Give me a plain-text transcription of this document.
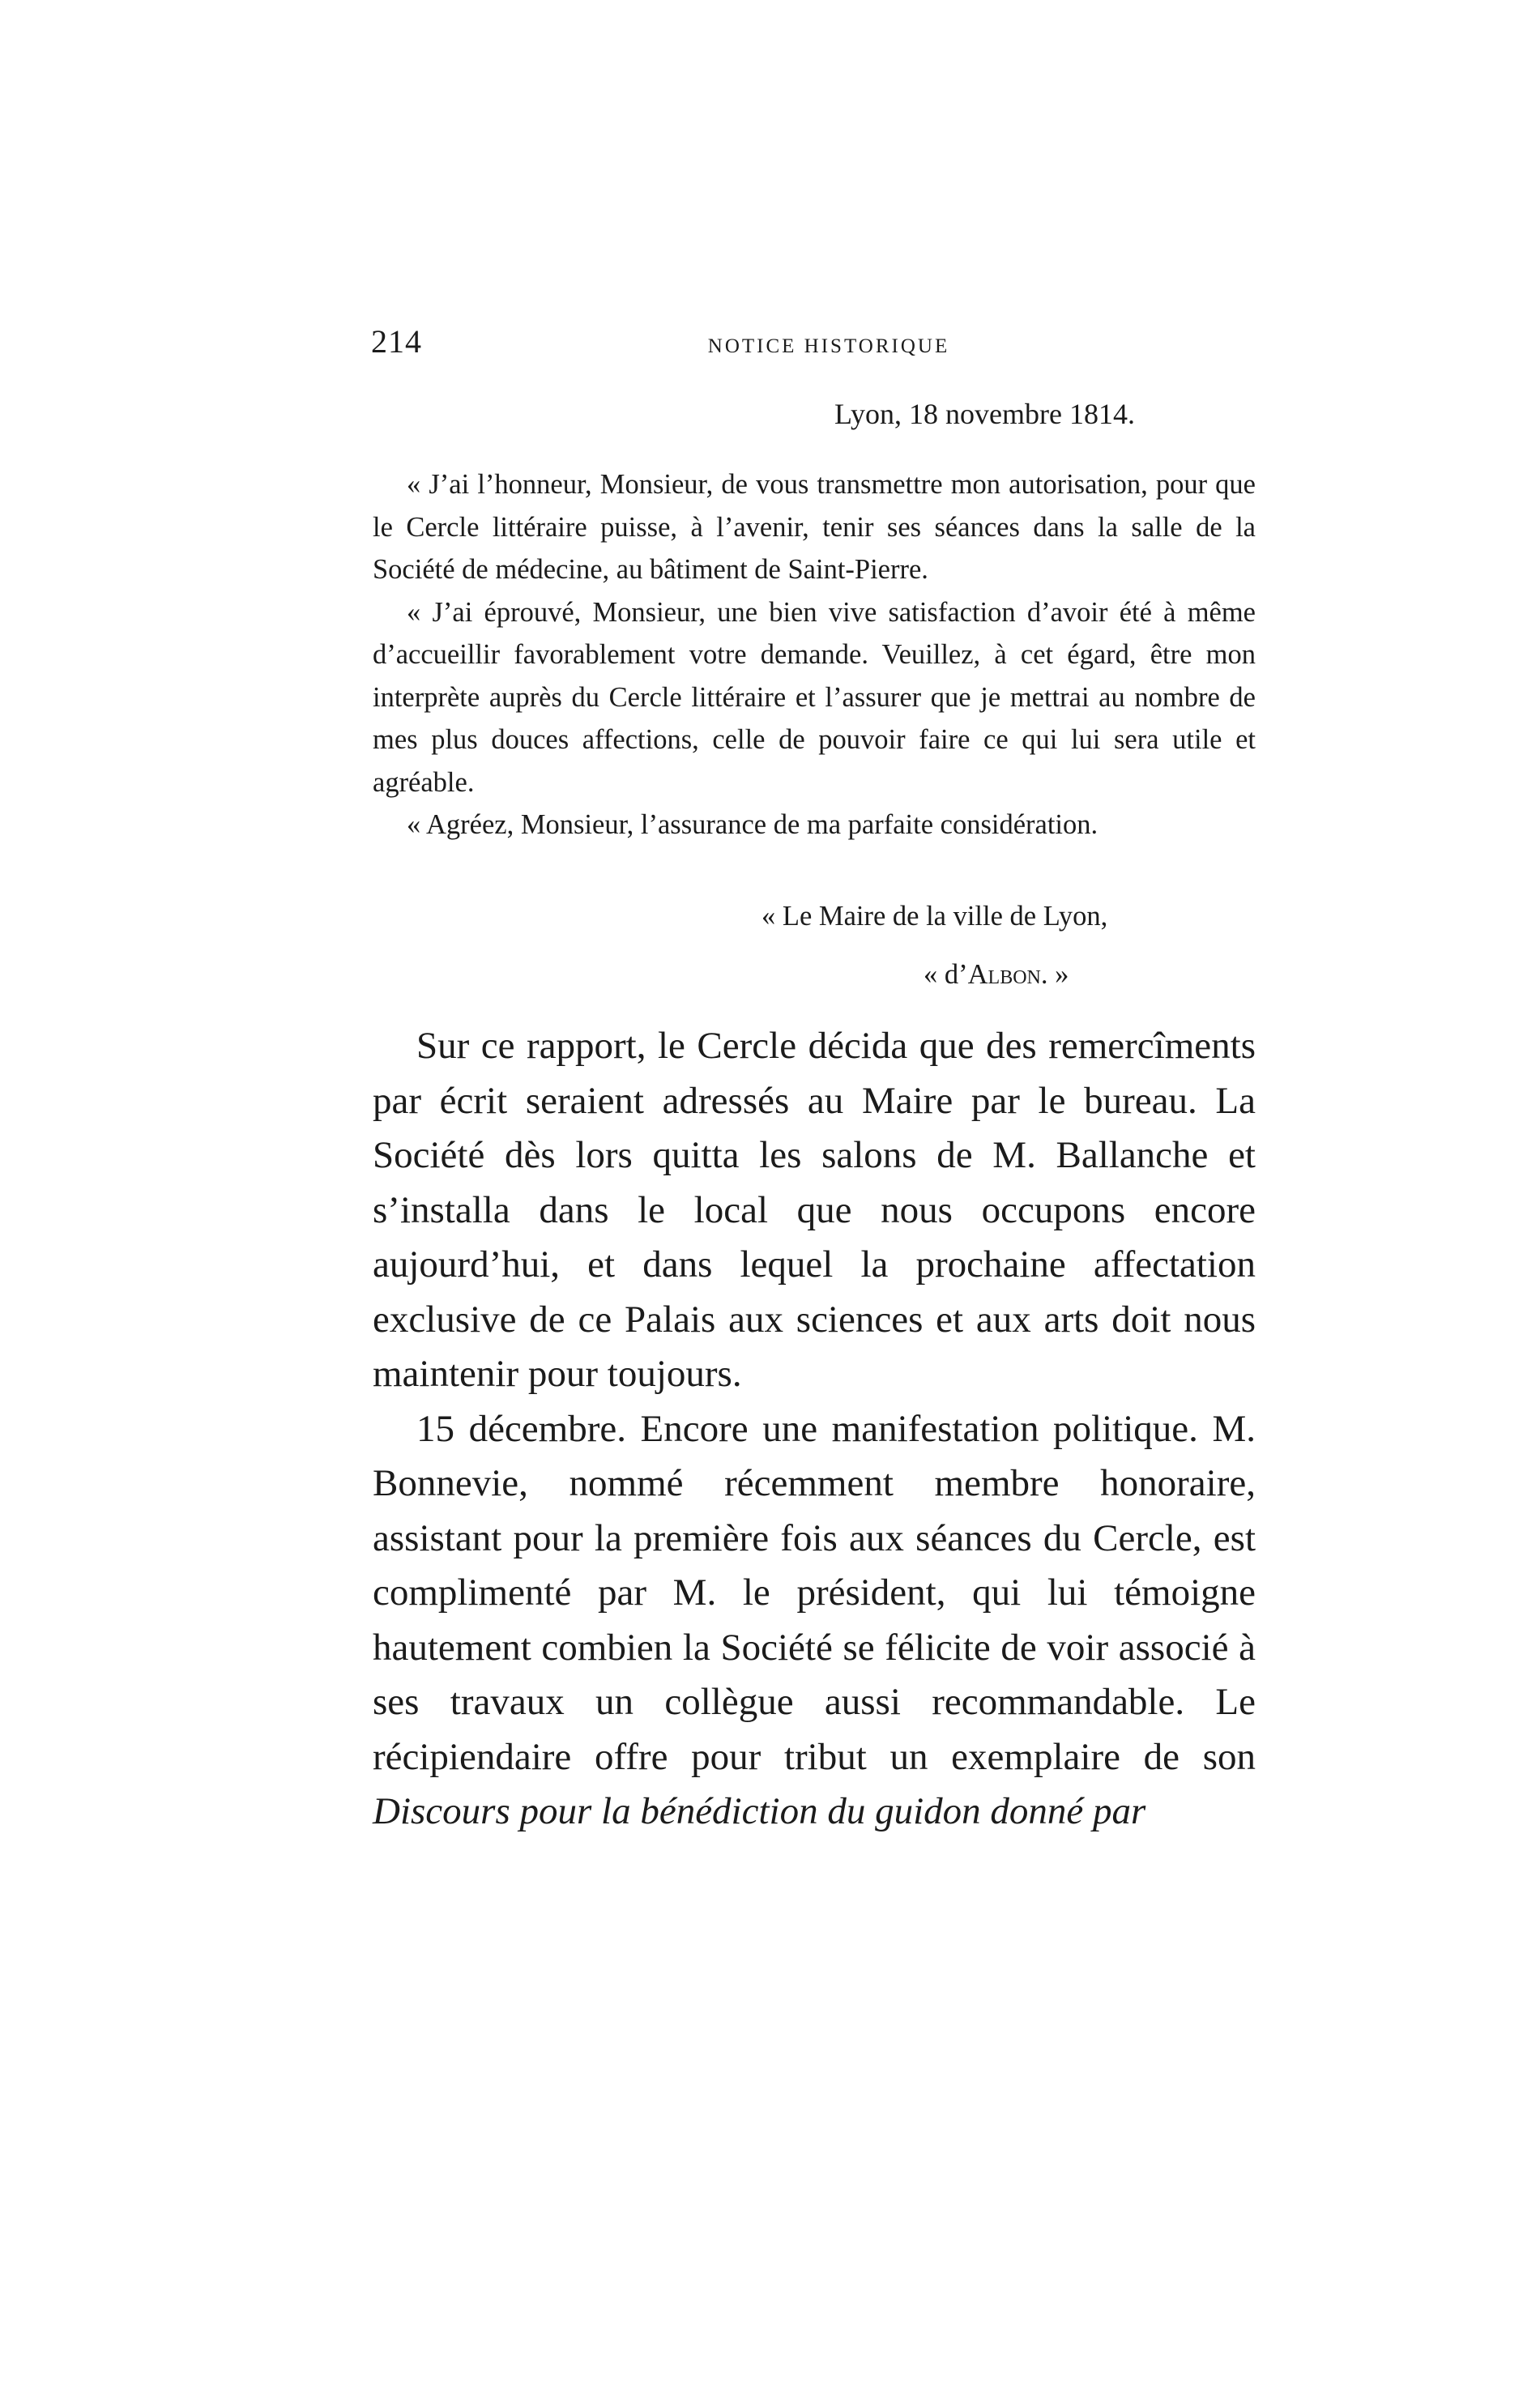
214	NOTICE HISTORIQUE
Lyon, 18 novembre 1814.

« J’ai l’honneur, Monsieur, de vous transmettre mon autorisation, pour que le Cercle littéraire puisse, à l’avenir, tenir ses séances dans la salle de la Société de médecine, au bâtiment de Saint-Pierre.

« J’ai éprouvé, Monsieur, une bien vive satisfaction d’avoir été à même d’accueillir favorablement votre demande. Veuillez, à cet égard, être mon interprète auprès du Cercle littéraire et l’assurer que je mettrai au nombre de mes plus douces affections, celle de pouvoir faire ce qui lui sera utile et agréable.

« Agréez, Monsieur, l’assurance de ma parfaite considération.

« Le Maire de la ville de Lyon,
« d’Albon. »

Sur ce rapport, le Cercle décida que des remercîments par écrit seraient adressés au Maire par le bureau. La Société dès lors quitta les salons de M. Ballanche et s’installa dans le local que nous occupons encore aujourd’hui, et dans lequel la prochaine affectation exclusive de ce Palais aux sciences et aux arts doit nous maintenir pour toujours.

15 décembre. Encore une manifestation politique. M. Bonnevie, nommé récemment membre honoraire, assistant pour la première fois aux séances du Cercle, est complimenté par M. le président, qui lui témoigne hautement combien la Société se félicite de voir associé à ses travaux un collègue aussi recommandable. Le récipiendaire offre pour tribut un exemplaire de son Discours pour la bénédiction du guidon donné par
